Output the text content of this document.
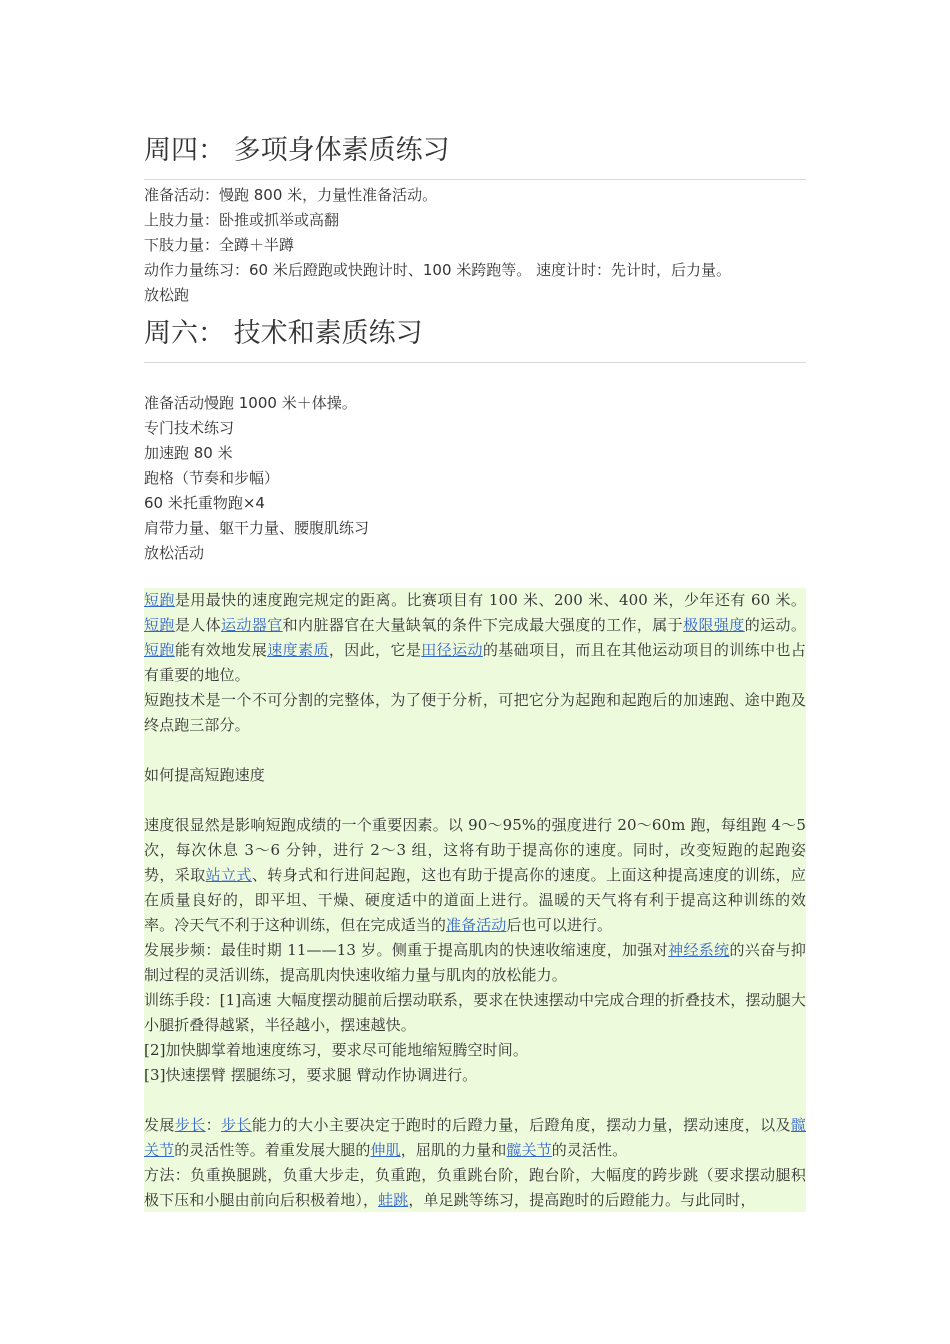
周四： 多项身体素质练习
准备活动：慢跑 800 米，力量性准备活动。
上肢力量：卧推或抓举或高翻
下肢力量：全蹲＋半蹲
动作力量练习：60 米后蹬跑或快跑计时、100 米跨跑等。 速度计时：先计时，后力量。
放松跑
周六： 技术和素质练习
准备活动慢跑 1000 米＋体操。
专门技术练习
加速跑 80 米
跑格（节奏和步幅）
60 米托重物跑×4
肩带力量、躯干力量、腰腹肌练习
放松活动

短跑是用最快的速度跑完规定的距离。比赛项目有 100 米、200 米、400 米，少年还有 60 米。短跑是人体运动器官和内脏器官在大量缺氧的条件下完成最大强度的工作，属于极限强度的运动。短跑能有效地发展速度素质，因此，它是田径运动的基础项目，而且在其他运动项目的训练中也占有重要的地位。

短跑技术是一个不可分割的完整体，为了便于分析，可把它分为起跑和起跑后的加速跑、途中跑及终点跑三部分。

如何提高短跑速度

速度很显然是影响短跑成绩的一个重要因素。以 90～95%的强度进行 20～60m 跑，每组跑 4～5 次，每次休息 3～6 分钟，进行 2～3 组，这将有助于提高你的速度。同时，改变短跑的起跑姿势，采取站立式、转身式和行进间起跑，这也有助于提高你的速度。上面这种提高速度的训练，应在质量良好的，即平坦、干燥、硬度适中的道面上进行。温暖的天气将有利于提高这种训练的效率。冷天气不利于这种训练，但在完成适当的准备活动后也可以进行。

发展步频：最佳时期 11——13 岁。侧重于提高肌肉的快速收缩速度，加强对神经系统的兴奋与抑制过程的灵活训练，提高肌肉快速收缩力量与肌肉的放松能力。

训练手段：[1]高速 大幅度摆动腿前后摆动联系，要求在快速摆动中完成合理的折叠技术，摆动腿大小腿折叠得越紧，半径越小，摆速越快。

[2]加快脚掌着地速度练习，要求尽可能地缩短腾空时间。

[3]快速摆臂 摆腿练习，要求腿 臂动作协调进行。

发展步长：步长能力的大小主要决定于跑时的后蹬力量，后蹬角度，摆动力量，摆动速度，以及髋关节的灵活性等。着重发展大腿的伸肌，屈肌的力量和髋关节的灵活性。

方法：负重换腿跳，负重大步走，负重跑，负重跳台阶，跑台阶，大幅度的跨步跳（要求摆动腿积极下压和小腿由前向后积极着地），蛙跳，单足跳等练习，提高跑时的后蹬能力。与此同时，
